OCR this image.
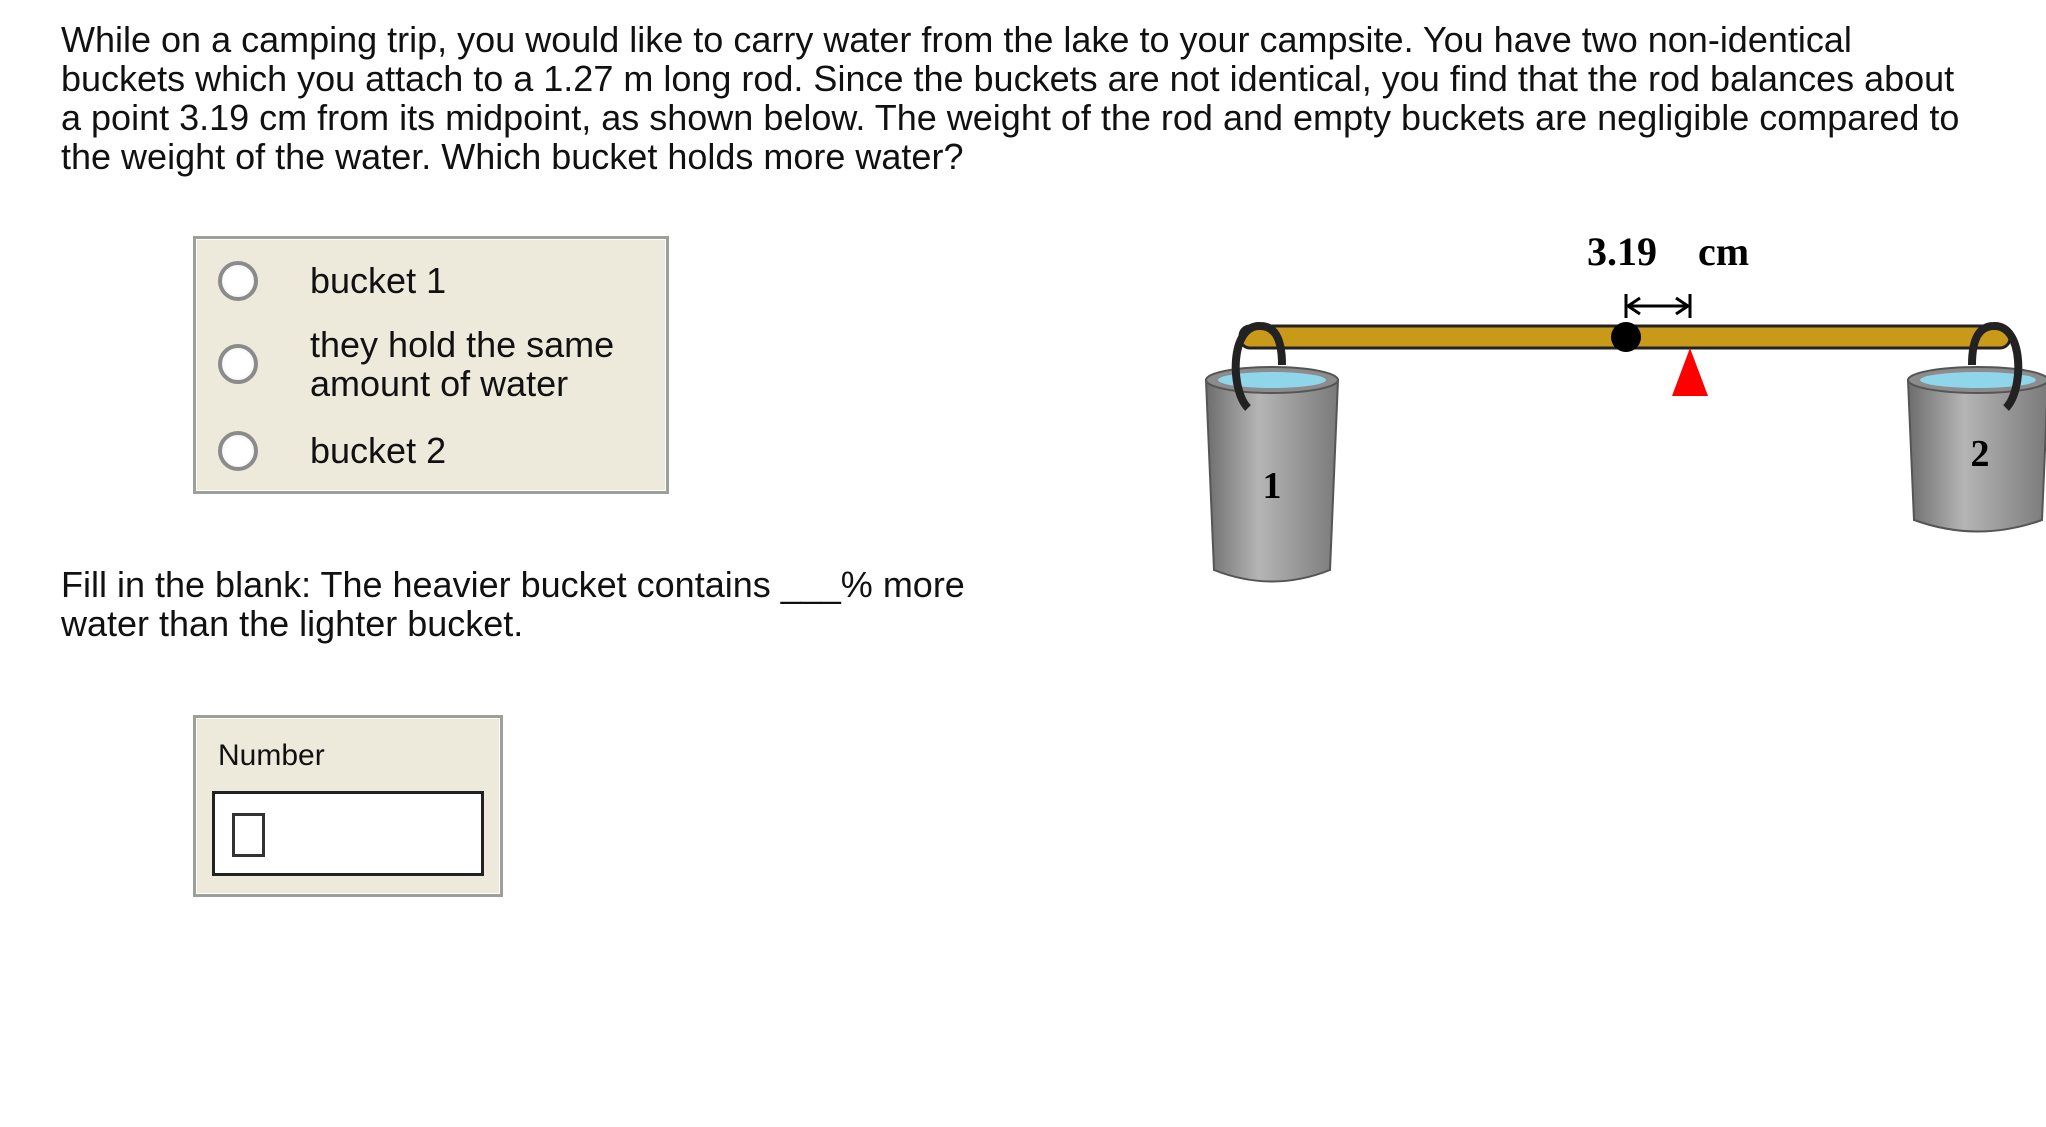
While on a camping trip, you would like to carry water from the lake to your campsite. You have two non-identical buckets which you attach to a 1.27 m long rod. Since the buckets are not identical, you find that the rod balances about a point 3.19 cm from its midpoint, as shown below. The weight of the rod and empty buckets are negligible compared to the weight of the water. Which bucket holds more water?

bucket 1
they hold the same amount of water
bucket 2

Fill in the blank: The heavier bucket contains ___% more water than the lighter bucket.

Number
3.19 cm
1
2
